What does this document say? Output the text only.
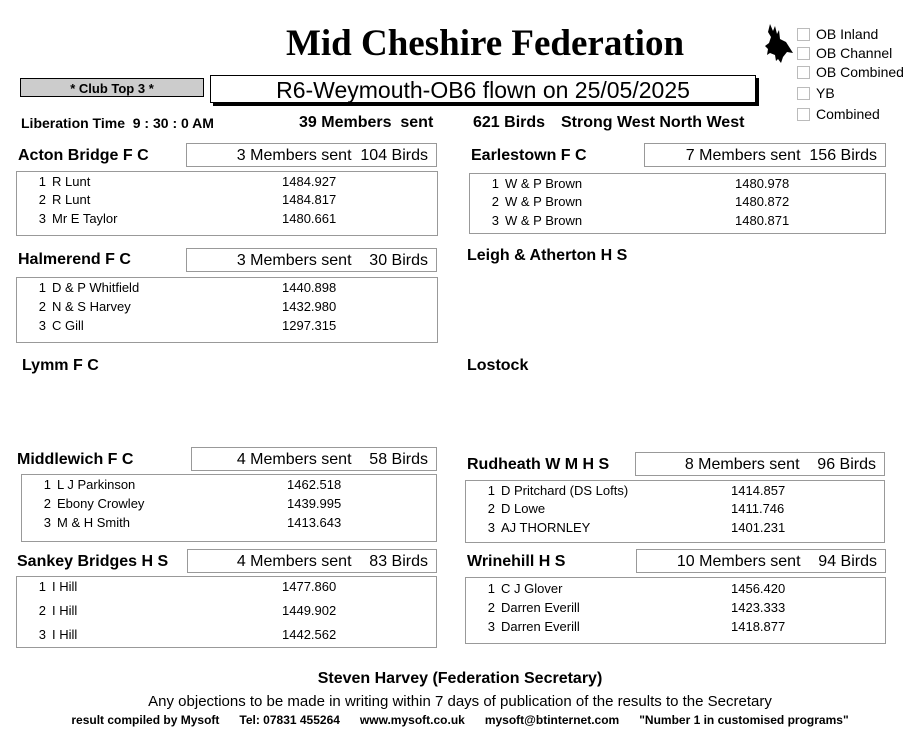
Mid Cheshire Federation	OB Inland
OB Channel
OB Combined
YB
Combined
* Club Top 3 *	R6-Weymouth-OB6 flown on 25/05/2025
Liberation Time  9 : 30 : 0 AM	39 Members  sent 621 Birds Strong West North West
Acton Bridge F C	3 Members sent  104 Birds
1 R Lunt	1484.927
2 R Lunt	1484.817
3 Mr E Taylor	1480.661
Earlestown F C	7 Members sent  156 Birds
1 W & P Brown	1480.978
2 W & P Brown	1480.872
3 W & P Brown	1480.871
Halmerend F C	3 Members sent    30 Birds
1 D & P Whitfield	1440.898
2 N & S Harvey	1432.980
3 C Gill	1297.315
Leigh & Atherton H S
Lymm F C	Lostock
Middlewich F C	4 Members sent    58 Birds
1 L J Parkinson	1462.518
2 Ebony Crowley	1439.995
3 M & H Smith	1413.643
Rudheath W M H S	8 Members sent    96 Birds
1 D Pritchard (DS Lofts)	1414.857
2 D Lowe	1411.746
3 AJ THORNLEY	1401.231
Sankey Bridges H S	4 Members sent    83 Birds
1 I Hill	1477.860
2 I Hill	1449.902
3 I Hill	1442.562
Wrinehill H S	10 Members sent    94 Birds
1 C J Glover	1456.420
2 Darren Everill	1423.333
3 Darren Everill	1418.877
Steven Harvey (Federation Secretary)
Any objections to be made in writing within 7 days of publication of the results to the Secretary
result compiled by Mysoft      Tel: 07831 455264      www.mysoft.co.uk      mysoft@btinternet.com      "Number 1 in customised programs"
